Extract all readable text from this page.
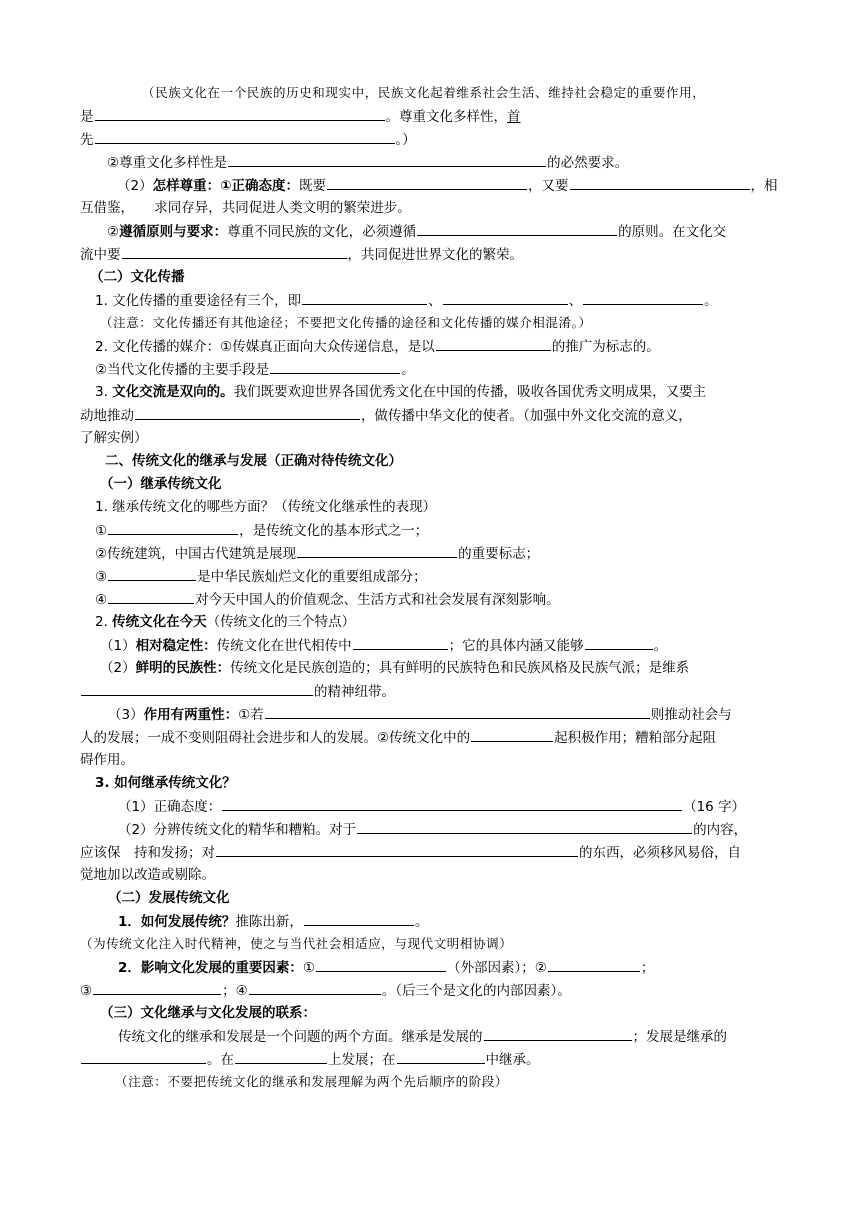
（民族文化在一个民族的历史和现实中，民族文化起着维系社会生活、维持社会稳定的重要作用，
是	。尊重文化多样性，首
先	。）
②尊重文化多样性是	的必然要求。
（2）怎样尊重：①正确态度：既要	，又要	，相
互借鉴，　　求同存异，共同促进人类文明的繁荣进步。
②遵循原则与要求：尊重不同民族的文化，必须遵循	的原则。在文化交
流中要	，共同促进世界文化的繁荣。
（二）文化传播
1. 文化传播的重要途径有三个，即	、	、	。
（注意：文化传播还有其他途径；不要把文化传播的途径和文化传播的媒介相混淆。）
2. 文化传播的媒介：①传媒真正面向大众传递信息，是以	的推广为标志的。
②当代文化传播的主要手段是	。
3. 文化交流是双向的。我们既要欢迎世界各国优秀文化在中国的传播，吸收各国优秀文明成果，又要主
动地推动	，做传播中华文化的使者。（加强中外文化交流的意义，
了解实例）
二、传统文化的继承与发展（正确对待传统文化）
（一）继承传统文化
1. 继承传统文化的哪些方面？（传统文化继承性的表现）
①	，是传统文化的基本形式之一；
②传统建筑，中国古代建筑是展现	的重要标志；
③	是中华民族灿烂文化的重要组成部分；
④	对今天中国人的价值观念、生活方式和社会发展有深刻影响。
2. 传统文化在今天（传统文化的三个特点）
（1）相对稳定性：传统文化在世代相传中	；它的具体内涵又能够	。
（2）鲜明的民族性：传统文化是民族创造的；具有鲜明的民族特色和民族风格及民族气派；是维系
的精神纽带。
（3）作用有两重性：①若	则推动社会与
人的发展；一成不变则阻碍社会进步和人的发展。②传统文化中的	起积极作用；糟粕部分起阻
碍作用。
3. 如何继承传统文化？
（1）正确态度：	（16 字）
（2）分辨传统文化的精华和糟粕。对于	的内容，
应该保　持和发扬；对	的东西，必须移风易俗，自
觉地加以改造或剔除。
（二）发展传统文化
1．如何发展传统？推陈出新，	。
（为传统文化注入时代精神，使之与当代社会相适应，与现代文明相协调）
2．影响文化发展的重要因素：①	（外部因素）；②	；
③	；④	。（后三个是文化的内部因素）。
（三）文化继承与文化发展的联系：
传统文化的继承和发展是一个问题的两个方面。继承是发展的	；发展是继承的
。在	上发展；在	中继承。
（注意：不要把传统文化的继承和发展理解为两个先后顺序的阶段）
